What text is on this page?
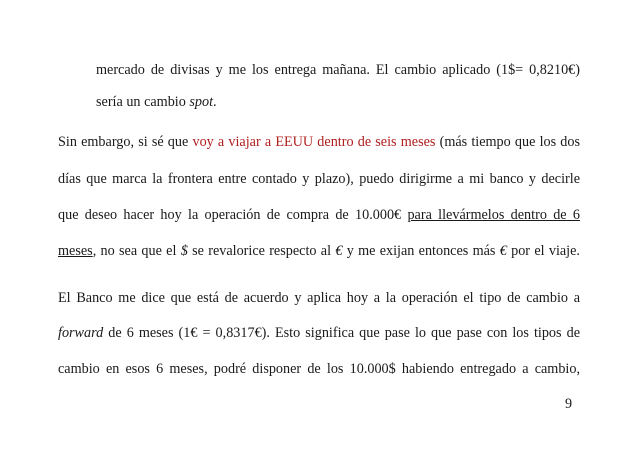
mercado de divisas y me los entrega mañana. El cambio aplicado (1$= 0,8210€)
sería un cambio spot.
Sin embargo, si sé que voy a viajar a EEUU dentro de seis meses (más tiempo que los dos
días que marca la frontera entre contado y plazo), puedo dirigirme a mi banco y decirle
que deseo hacer hoy la operación de compra de 10.000€ para llevármelos dentro de 6
meses, no sea que el $ se revalorice respecto al € y me exijan entonces más € por el viaje.
El Banco me dice que está de acuerdo y aplica hoy a la operación el tipo de cambio a
forward de 6 meses (1€ = 0,8317€). Esto significa que pase lo que pase con los tipos de
cambio en esos 6 meses, podré disponer de los 10.000$ habiendo entregado a cambio,
9
